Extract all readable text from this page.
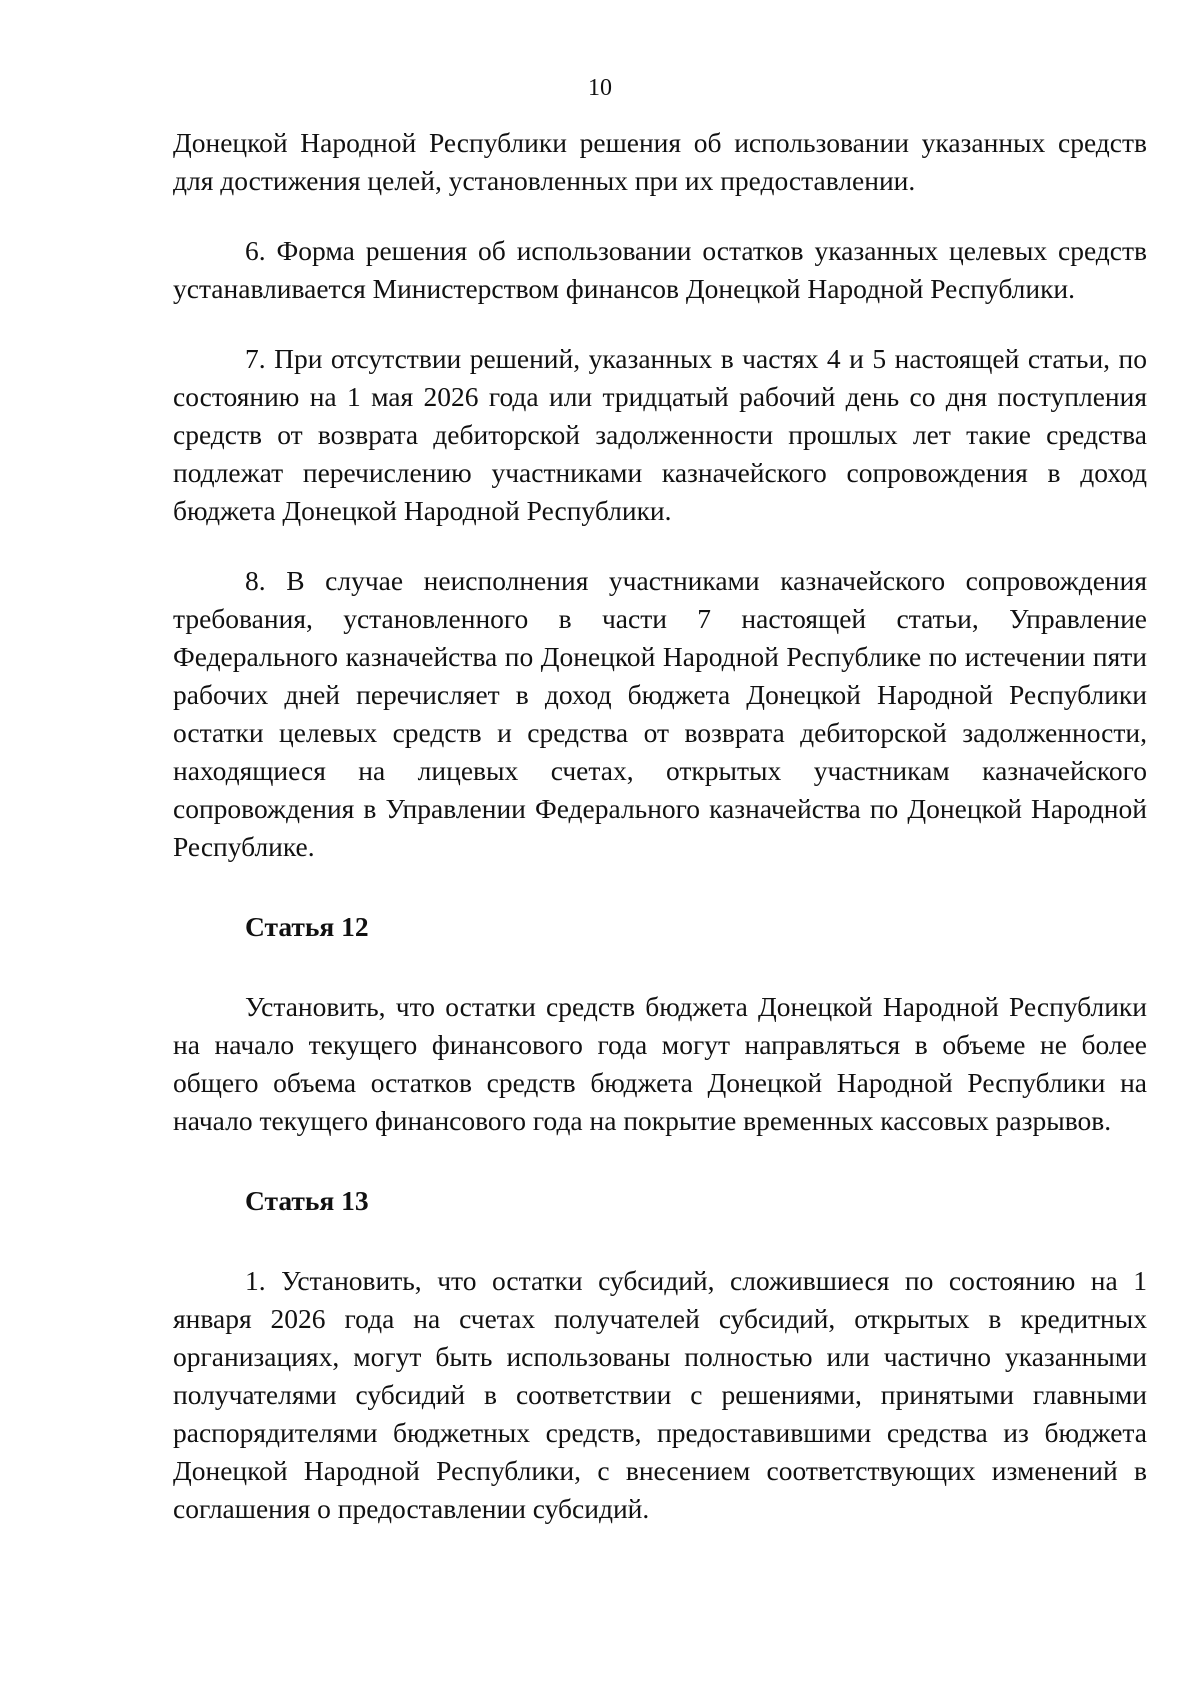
10

Донецкой Народной Республики решения об использовании указанных средств для достижения целей, установленных при их предоставлении.

6. Форма решения об использовании остатков указанных целевых средств устанавливается Министерством финансов Донецкой Народной Республики.

7. При отсутствии решений, указанных в частях 4 и 5 настоящей статьи, по состоянию на 1 мая 2026 года или тридцатый рабочий день со дня поступления средств от возврата дебиторской задолженности прошлых лет такие средства подлежат перечислению участниками казначейского сопровождения в доход бюджета Донецкой Народной Республики.

8. В случае неисполнения участниками казначейского сопровождения требования, установленного в части 7 настоящей статьи, Управление Федерального казначейства по Донецкой Народной Республике по истечении пяти рабочих дней перечисляет в доход бюджета Донецкой Народной Республики остатки целевых средств и средства от возврата дебиторской задолженности, находящиеся на лицевых счетах, открытых участникам казначейского сопровождения в Управлении Федерального казначейства по Донецкой Народной Республике.

Статья 12

Установить, что остатки средств бюджета Донецкой Народной Республики на начало текущего финансового года могут направляться в объеме не более общего объема остатков средств бюджета Донецкой Народной Республики на начало текущего финансового года на покрытие временных кассовых разрывов.

Статья 13

1. Установить, что остатки субсидий, сложившиеся по состоянию на 1 января 2026 года на счетах получателей субсидий, открытых в кредитных организациях, могут быть использованы полностью или частично указанными получателями субсидий в соответствии с решениями, принятыми главными распорядителями бюджетных средств, предоставившими средства из бюджета Донецкой Народной Республики, с внесением соответствующих изменений в соглашения о предоставлении субсидий.
